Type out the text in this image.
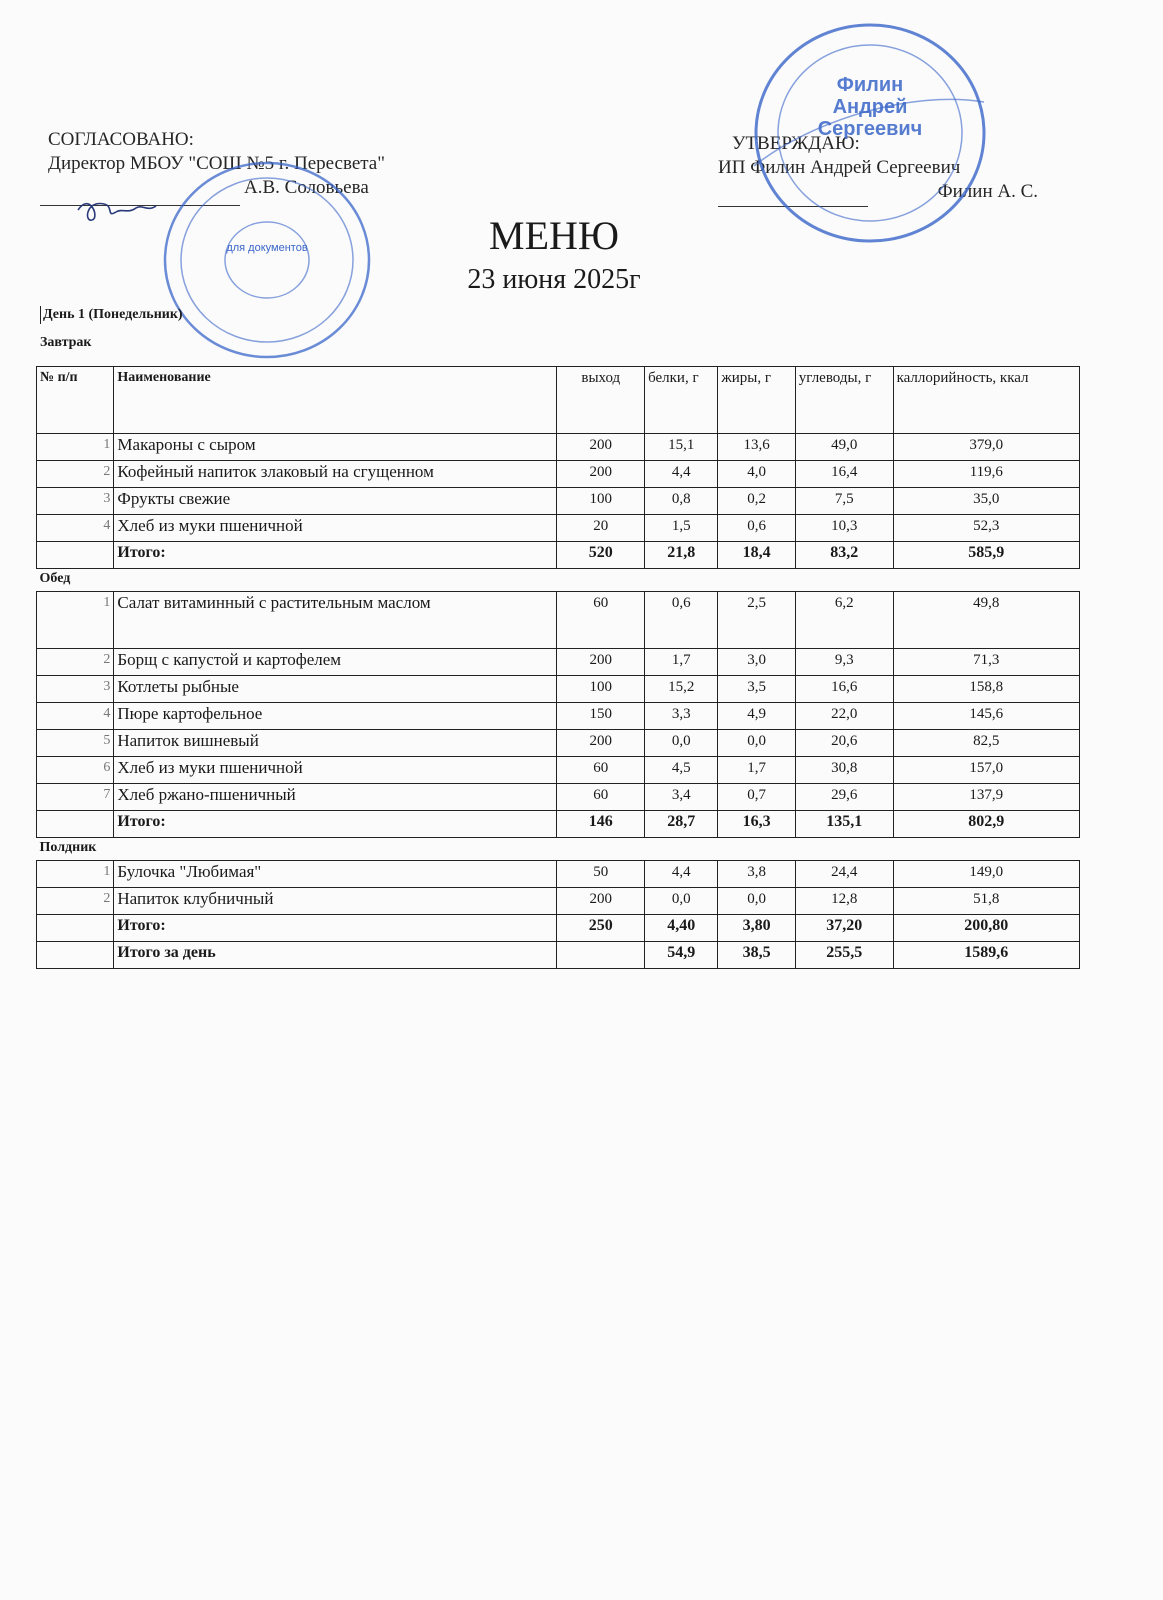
СОГЛАСОВАНО:
Директор МБОУ "СОШ №5 г. Пересвета"
А.В. Соловьева
УТВЕРЖДАЮ:
ИП Филин Андрей Сергеевич
Филин А. С.
для документов
Филин
Андрей
Сергеевич
МЕНЮ
23 июня 2025г
День 1 (Понедельник)
Завтрак
№ п/п	Наименование	выход	белки, г	жиры, г	углеводы, г	каллорийность, ккал
1	Макароны с сыром	200	15,1	13,6	49,0	379,0
2	Кофейный напиток злаковый на сгущенном	200	4,4	4,0	16,4	119,6
3	Фрукты свежие	100	0,8	0,2	7,5	35,0
4	Хлеб из муки пшеничной	20	1,5	0,6	10,3	52,3
	Итого:	520	21,8	18,4	83,2	585,9
Обед						
1	Салат витаминный с растительным маслом	60	0,6	2,5	6,2	49,8
2	Борщ с капустой и картофелем	200	1,7	3,0	9,3	71,3
3	Котлеты рыбные	100	15,2	3,5	16,6	158,8
4	Пюре картофельное	150	3,3	4,9	22,0	145,6
5	Напиток вишневый	200	0,0	0,0	20,6	82,5
6	Хлеб из муки пшеничной	60	4,5	1,7	30,8	157,0
7	Хлеб ржано-пшеничный	60	3,4	0,7	29,6	137,9
	Итого:	146	28,7	16,3	135,1	802,9
Полдник						
1	Булочка "Любимая"	50	4,4	3,8	24,4	149,0
2	Напиток клубничный	200	0,0	0,0	12,8	51,8
	Итого:	250	4,40	3,80	37,20	200,80
	Итого за день		54,9	38,5	255,5	1589,6
